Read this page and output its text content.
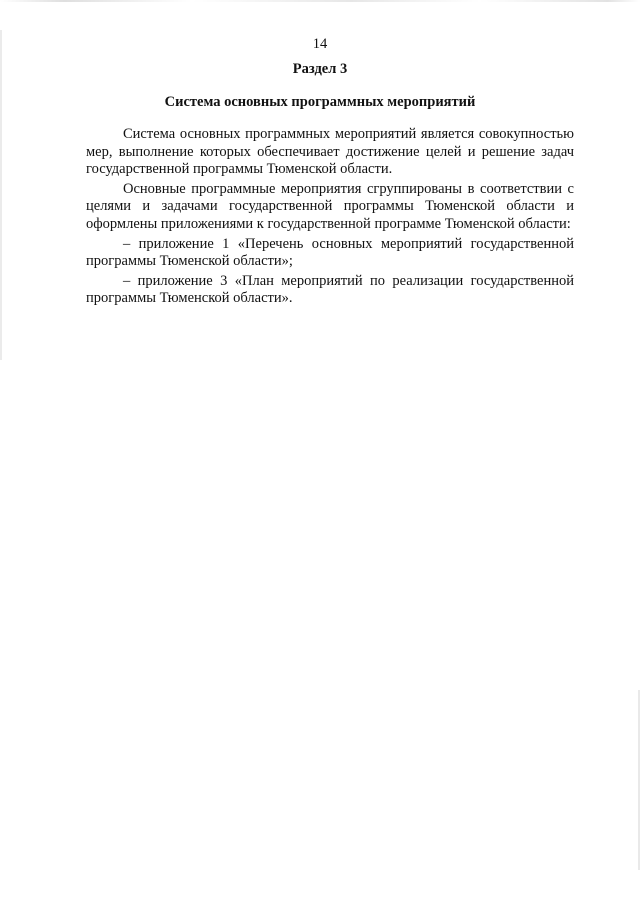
14
Раздел 3
Система основных программных мероприятий

Система основных программных мероприятий является совокупностью мер, выполнение которых обеспечивает достижение целей и решение задач государственной программы Тюменской области.

Основные программные мероприятия сгруппированы в соответствии с целями и задачами государственной программы Тюменской области и оформлены приложениями к государственной программе Тюменской области:

– приложение 1 «Перечень основных мероприятий государственной программы Тюменской области»;

– приложение 3 «План мероприятий по реализации государственной программы Тюменской области».
